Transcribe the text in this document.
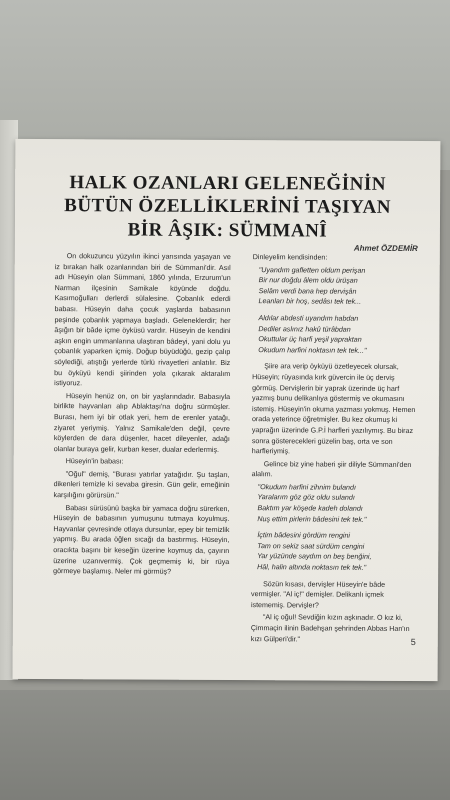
HALK OZANLARI GELENEĞİNİN
BÜTÜN ÖZELLİKLERİNİ TAŞIYAN
BİR ÂŞIK: SÜMMANÎ
Ahmet ÖZDEMİR

On dokuzuncu yüzyılın ikinci yarısında yaşayan ve iz bırakan halk ozanlarından biri de Sümmani'dir. Asıl adı Hüseyin olan Sümmani, 1860 yılında, Erzurum'un Narman ilçesinin Samikale köyünde doğdu. Kasımoğulları derlerdi sülalesine. Çobanlık ederdi babası. Hüseyin daha çocuk yaşlarda babasının peşinde çobanlık yapmaya başladı. Geleneklerdir; her âşığın bir bâde içme öyküsü vardır. Hüseyin de kendini aşkın engin ummanlarına ulaştıran bâdeyi, yani dolu yu çobanlık yaparken içmiş. Doğup büyüdüğü, gezip çalıp söylediği, atıştığı yerlerde türlü rivayetleri anlatılır. Biz bu öyküyü kendi şiirinden yola çıkarak aktaralım istiyoruz.

Hüseyin henüz on, on bir yaşlarındadır. Babasıyla birlikte hayvanları alıp Ablaktaşı'na doğru sürmüşler. Burası, hem iyi bir otlak yeri, hem de erenler yatağı, ziyaret yeriymiş. Yalnız Samikale'den değil, çevre köylerden de dara düşenler, hacet dileyenler, adağı olanlar buraya gelir, kurban keser, dualar ederlermiş.

Hüseyin'in babası:

"Oğul" demiş, "Burası yatırlar yatağıdır. Şu taşları, dikenleri temizle ki sevaba giresin. Gün gelir, emeğinin karşılığını görürsün."

Babası sürüsünü başka bir yamaca doğru sürerken, Hüseyin de babasının yumuşunu tutmaya koyulmuş. Hayvanlar çevresinde otlaya dursunlar, epey bir temizlik yapmış. Bu arada öğlen sıcağı da bastırmış. Hüseyin, oracıkta başını bir keseğin üzerine koymuş da, çayırın üzerine uzanıvermiş. Çok geçmemiş ki, bir rüya görmeye başlamış. Neler mi görmüş?

Dinleyelim kendisinden:

"Uyandım gafletten oldum perişan
Bir nur doğdu âlem oldu ürüşan
Selâm verdi bana hep dervişân
Leanları bir hoş, sedâsı tek tek...
Aldılar abdesti uyandım habdan
Dediler aslınız hakû türâbdan
Okuttular üç harfi yeşil yapraktan
Okudum harfini noktasın tek tek..."

Şiire ara verip öyküyü özetleyecek olursak, Hüseyin; rüyasında kırk güvercin ile üç derviş görmüş. Dervişlerin bir yaprak üzerinde üç harf yazmış bunu delikanlıya göstermiş ve okumasını istemiş. Hüseyin'in okuma yazması yokmuş. Hemen orada yeterince öğretmişler. Bu kez okumuş ki yaprağın üzerinde G.P.İ harfleri yazılıymış. Bu biraz sonra gösterecekleri güzelin baş, orta ve son harfleriymiş.

Gelince biz yine haberi şiir diliyle Sümmani'den alalım.

"Okudum harfini zihnim bulandı
Yaralarım göz göz oldu sulandı
Baktım yar köşede kadeh dolandı
Nuş ettim pirlerin bâdesini tek tek."
İçtim bâdesini gördüm rengini
Tam on sekiz saat sürdüm cengini
Yar yüzünde saydım on beş benğini,
Hâl, halin altında noktasın tek tek."

Sözün kısası, dervişler Hüseyin'e bâde vermişler. "Al iç!" demişler. Delikanlı içmek istememiş. Dervişler?

"Al iç oğul! Sevdiğin kızın aşkınadır. O kız ki, Çimmaçin ilinin Badehşan şehrinden Abbas Han'ın kızı Gülperi'dir."	5
